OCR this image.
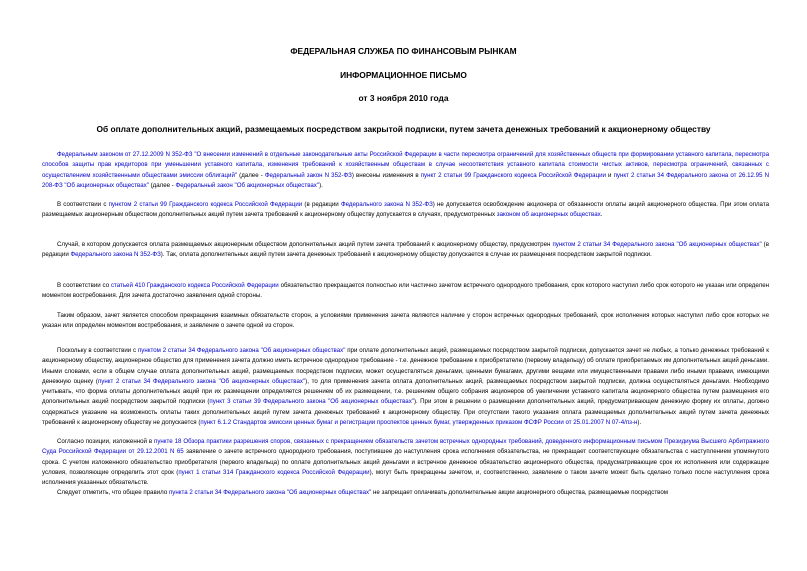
ФЕДЕРАЛЬНАЯ СЛУЖБА ПО ФИНАНСОВЫМ РЫНКАМ
ИНФОРМАЦИОННОЕ ПИСЬМО
от 3 ноября 2010 года
Об оплате дополнительных акций, размещаемых посредством закрытой подписки, путем зачета денежных требований к акционерному обществу
Федеральным законом от 27.12.2009 N 352-ФЗ "О внесении изменений в отдельные законодательные акты Российской Федерации в части пересмотра ограничений для хозяйственных обществ при формировании уставного капитала, пересмотра способов защиты прав кредиторов при уменьшении уставного капитала, изменения требований к хозяйственным обществам в случае несоответствия уставного капитала стоимости чистых активов, пересмотра ограничений, связанных с осуществлением хозяйственными обществами эмиссии облигаций" (далее - Федеральный закон N 352-ФЗ) внесены изменения в пункт 2 статьи 99 Гражданского кодекса Российской Федерации и пункт 2 статьи 34 Федерального закона от 26.12.95 N 208-ФЗ "Об акционерных обществах" (далее - Федеральный закон "Об акционерных обществах").
В соответствии с пунктом 2 статьи 99 Гражданского кодекса Российской Федерации (в редакции Федерального закона N 352-ФЗ) не допускается освобождение акционера от обязанности оплаты акций акционерного общества. При этом оплата размещаемых акционерным обществом дополнительных акций путем зачета требований к акционерному обществу допускается в случаях, предусмотренных законом об акционерных обществах.
Случай, в котором допускается оплата размещаемых акционерным обществом дополнительных акций путем зачета требований к акционерному обществу, предусмотрен пунктом 2 статьи 34 Федерального закона "Об акционерных обществах" (в редакции Федерального закона N 352-ФЗ). Так, оплата дополнительных акций путем зачета денежных требований к акционерному обществу допускается в случае их размещения посредством закрытой подписки.
В соответствии со статьей 410 Гражданского кодекса Российской Федерации обязательство прекращается полностью или частично зачетом встречного однородного требования, срок которого наступил либо срок которого не указан или определен моментом востребования. Для зачета достаточно заявления одной стороны.
Таким образом, зачет является способом прекращения взаимных обязательств сторон, а условиями применения зачета являются наличие у сторон встречных однородных требований, срок исполнения которых наступил либо срок которых не указан или определен моментом востребования, и заявление о зачете одной из сторон.
Поскольку в соответствии с пунктом 2 статьи 34 Федерального закона "Об акционерных обществах" при оплате дополнительных акций, размещаемых посредством закрытой подписки, допускается зачет не любых, а только денежных требований к акционерному обществу, акционерное общество для применения зачета должно иметь встречное однородное требование - т.е. денежное требование к приобретателю (первому владельцу) об оплате приобретаемых им дополнительных акций деньгами. Иными словами, если в общем случае оплата дополнительных акций, размещаемых посредством подписки, может осуществляться деньгами, ценными бумагами, другими вещами или имущественными правами либо иными правами, имеющими денежную оценку (пункт 2 статьи 34 Федерального закона "Об акционерных обществах"), то для применения зачета оплата дополнительных акций, размещаемых посредством закрытой подписки, должна осуществляться деньгами. Необходимо учитывать, что форма оплаты дополнительных акций при их размещении определяется решением об их размещении, т.е. решением общего собрания акционеров об увеличении уставного капитала акционерного общества путем размещения его дополнительных акций посредством закрытой подписки (пункт 3 статьи 39 Федерального закона "Об акционерных обществах"). При этом в решении о размещении дополнительных акций, предусматривающем денежную форму их оплаты, должно содержаться указание на возможность оплаты таких дополнительных акций путем зачета денежных требований к акционерному обществу. При отсутствии такого указания оплата размещаемых дополнительных акций путем зачета денежных требований к акционерному обществу не допускается (пункт 6.1.2 Стандартов эмиссии ценных бумаг и регистрации проспектов ценных бумаг, утвержденных приказом ФСФР России от 25.01.2007 N 07-4/пз-н).
Согласно позиции, изложенной в пункте 18 Обзора практики разрешения споров, связанных с прекращением обязательств зачетом встречных однородных требований, доведенного информационным письмом Президиума Высшего Арбитражного Суда Российской Федерации от 29.12.2001 N 65 заявление о зачете встречного однородного требования, поступившее до наступления срока исполнения обязательства, не прекращает соответствующие обязательства с наступлением упомянутого срока. С учетом изложенного обязательство приобретателя (первого владельца) по оплате дополнительных акций деньгами и встречное денежное обязательство акционерного общества, предусматривающие срок их исполнения или содержащие условия, позволяющие определить этот срок (пункт 1 статьи 314 Гражданского кодекса Российской Федерации), могут быть прекращены зачетом, и, соответственно, заявление о таком зачете может быть сделано только после наступления срока исполнения указанных обязательств.
Следует отметить, что общее правило пункта 2 статьи 34 Федерального закона "Об акционерных обществах" не запрещает оплачивать дополнительные акции акционерного общества, размещаемые посредством
